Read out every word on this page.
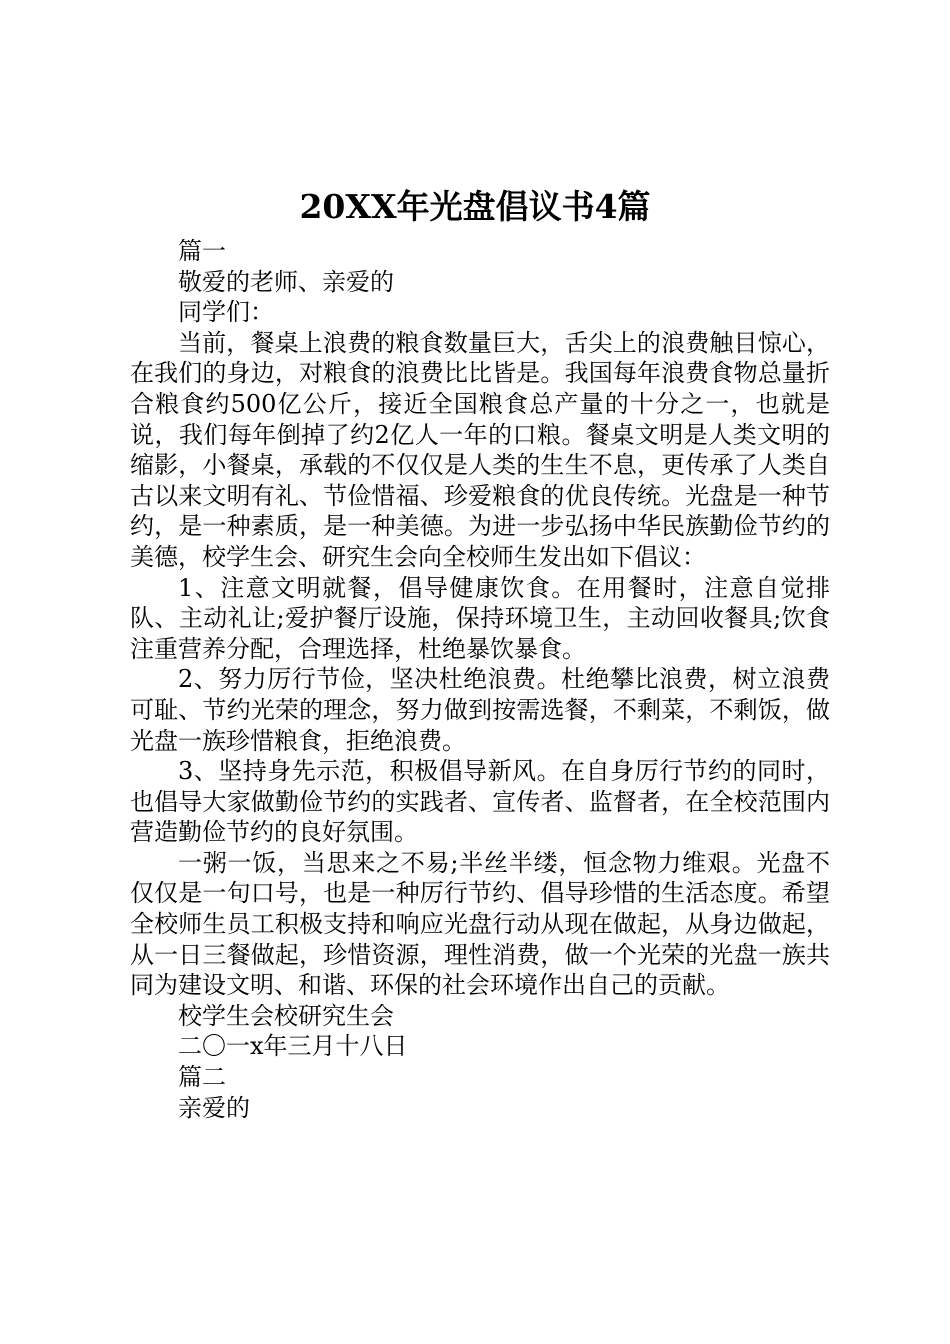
20XX年光盘倡议书4篇

篇一

敬爱的老师、亲爱的

同学们：

当前，餐桌上浪费的粮食数量巨大，舌尖上的浪费触目惊心，在我们的身边，对粮食的浪费比比皆是。我国每年浪费食物总量折合粮食约500亿公斤，接近全国粮食总产量的十分之一，也就是说，我们每年倒掉了约2亿人一年的口粮。餐桌文明是人类文明的缩影，小餐桌，承载的不仅仅是人类的生生不息，更传承了人类自古以来文明有礼、节俭惜福、珍爱粮食的优良传统。光盘是一种节约，是一种素质，是一种美德。为进一步弘扬中华民族勤俭节约的美德，校学生会、研究生会向全校师生发出如下倡议：

1、注意文明就餐，倡导健康饮食。在用餐时，注意自觉排队、主动礼让;爱护餐厅设施，保持环境卫生，主动回收餐具;饮食注重营养分配，合理选择，杜绝暴饮暴食。

2、努力厉行节俭，坚决杜绝浪费。杜绝攀比浪费，树立浪费可耻、节约光荣的理念，努力做到按需选餐，不剩菜，不剩饭，做光盘一族珍惜粮食，拒绝浪费。

3、坚持身先示范，积极倡导新风。在自身厉行节约的同时，也倡导大家做勤俭节约的实践者、宣传者、监督者，在全校范围内营造勤俭节约的良好氛围。

一粥一饭，当思来之不易;半丝半缕，恒念物力维艰。光盘不仅仅是一句口号，也是一种厉行节约、倡导珍惜的生活态度。希望全校师生员工积极支持和响应光盘行动从现在做起，从身边做起，从一日三餐做起，珍惜资源，理性消费，做一个光荣的光盘一族共同为建设文明、和谐、环保的社会环境作出自己的贡献。

校学生会校研究生会

二〇一x年三月十八日

篇二

亲爱的
